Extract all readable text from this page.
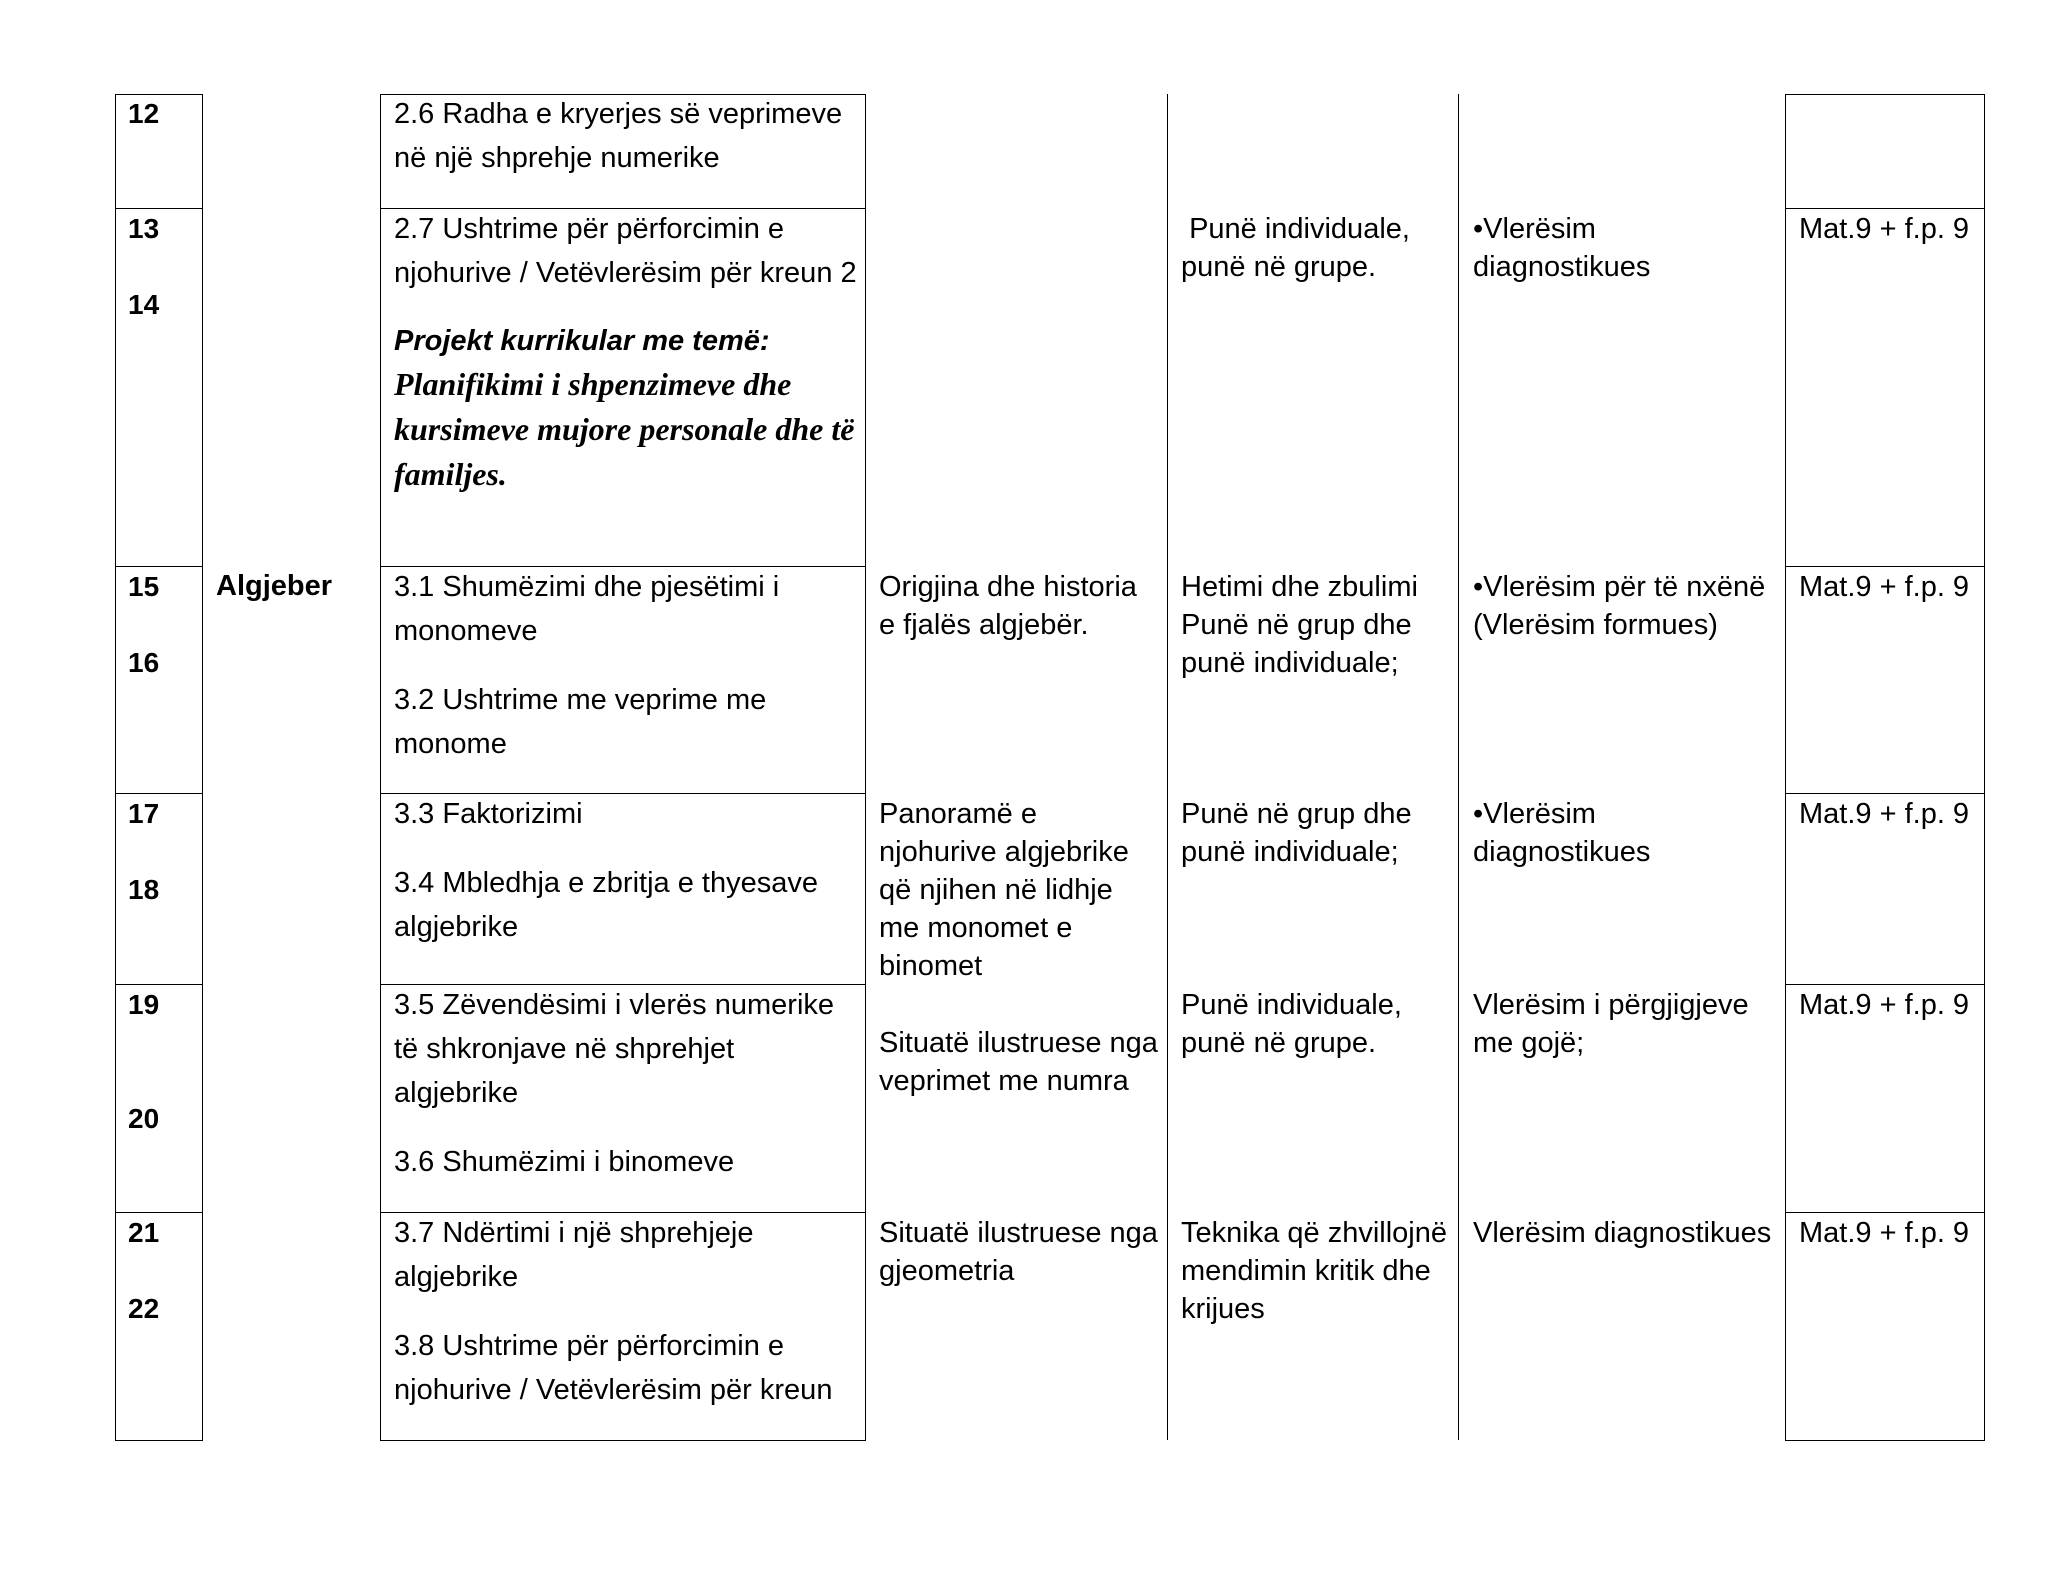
Algjeber

12	2.6 Radha e kryerjes së veprimeve në një shprehje numerike

13

14

2.7 Ushtrime për përforcimin e njohurive / Vetëvlerësim për kreun 2

Projekt kurrikular me temë:
Planifikimi i shpenzimeve dhe kursimeve mujore personale dhe të familjes.

Punë individuale, punë në grupe.
•Vlerësim diagnostikues
Mat.9 + f.p. 9

15

16

3.1 Shumëzimi dhe pjesëtimi i monomeve

3.2 Ushtrime me veprime me monome

Origjina dhe historia e fjalës algjebër.
Hetimi dhe zbulimi Punë në grup dhe punë individuale;
•Vlerësim për të nxënë (Vlerësim formues)
Mat.9 + f.p. 9

17

18

3.3 Faktorizimi

3.4 Mbledhja e zbritja e thyesave algjebrike

Panoramë e njohurive algjebrike që njihen në lidhje me monomet e binomet
Punë në grup dhe punë individuale;
•Vlerësim diagnostikues
Mat.9 + f.p. 9

19

20

3.5 Zëvendësimi i vlerës numerike të shkronjave në shprehjet algjebrike

3.6 Shumëzimi i binomeve

Situatë ilustruese nga veprimet me numra
Punë individuale, punë në grupe.
Vlerësim i përgjigjeve me gojë;
Mat.9 + f.p. 9

21

22

3.7 Ndërtimi i një shprehjeje algjebrike

3.8 Ushtrime për përforcimin e njohurive / Vetëvlerësim për kreun

Situatë ilustruese nga gjeometria
Teknika që zhvillojnë mendimin kritik dhe krijues
Vlerësim diagnostikues Mat.9 + f.p. 9
